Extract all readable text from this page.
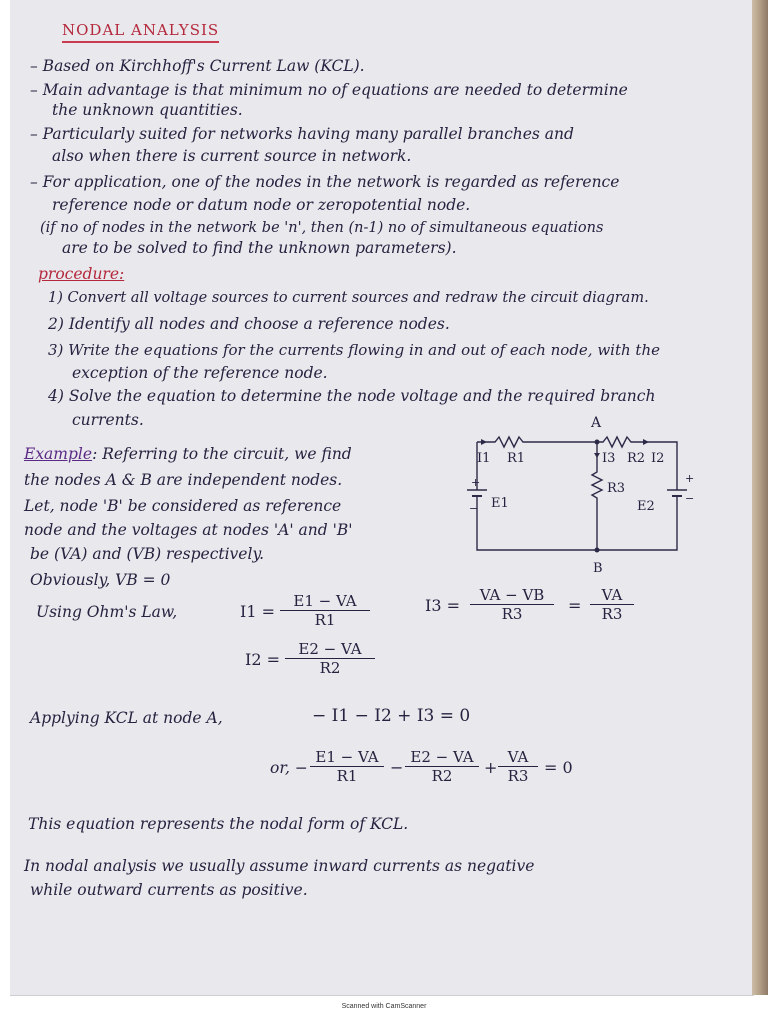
NODAL ANALYSIS
– Based on Kirchhoff's Current Law (KCL).
– Main advantage is that minimum no of equations are needed to determine
the unknown quantities.
– Particularly suited for networks having many parallel branches and
also when there is current source in network.
– For application, one of the nodes in the network is regarded as reference
reference node or datum node or zeropotential node.
(if no of nodes in the network be 'n', then (n-1) no of simultaneous equations
are to be solved to find the unknown parameters).
procedure:
1) Convert all voltage sources to current sources and redraw the circuit diagram.
2) Identify all nodes and choose a reference nodes.
3) Write the equations for the currents flowing in and out of each node, with the
exception of the reference node.
4) Solve the equation to determine the node voltage and the required branch
currents.
Example: Referring to the circuit, we find
the nodes A & B are independent nodes.
Let, node 'B' be considered as reference
node and the voltages at nodes 'A' and 'B'
be (VA) and (VB) respectively.
Obviously, VB = 0
A
B
I1 R1	I3 R2 I2
R3
E1	E2
+
−
+
−
Using Ohm's Law,	$I1 = \frac{E1 - VA}{R1}$	$I3 = \frac{VA - VB}{R3} = \frac{VA}{R3}$
$I2 = \frac{E2 - VA}{R2}$
Applying KCL at node A,	− I1 − I2 + I3 = 0
or, − $\frac{E1 - VA}{R1} - \frac{E2 - VA}{R2} + \frac{VA}{R3} = 0$
This equation represents the nodal form of KCL.
In nodal analysis we usually assume inward currents as negative
while outward currents as positive.
Scanned with CamScanner
